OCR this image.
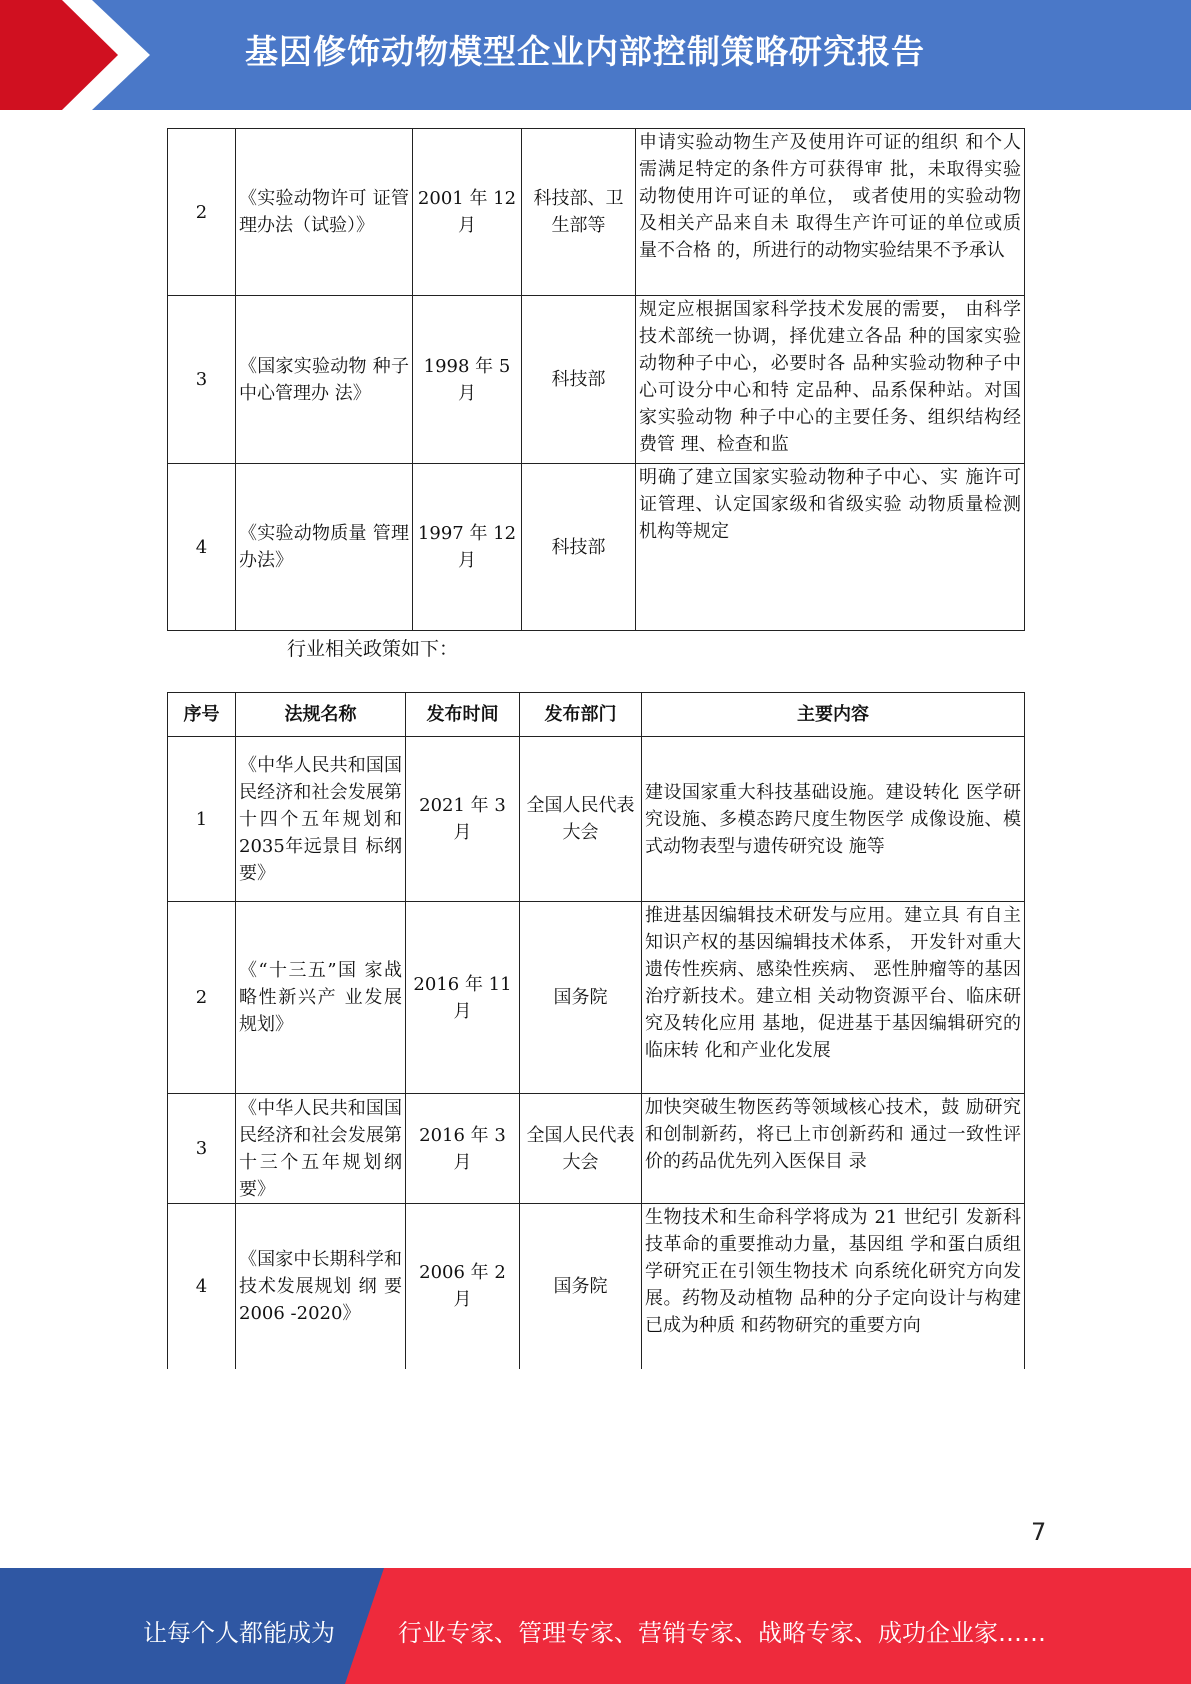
基因修饰动物模型企业内部控制策略研究报告
2	《实验动物许可 证管理办法（试验）》	2001 年 12 月	科技部、卫生部等	申请实验动物生产及使用许可证的组织 和个人需满足特定的条件方可获得审 批，未取得实验动物使用许可证的单位， 或者使用的实验动物及相关产品来自未 取得生产许可证的单位或质量不合格 的，所进行的动物实验结果不予承认
3	《国家实验动物 种子中心管理办 法》	1998 年 5 月	科技部	规定应根据国家科学技术发展的需要， 由科学技术部统一协调，择优建立各品 种的国家实验动物种子中心，必要时各 品种实验动物种子中心可设分中心和特 定品种、品系保种站。对国家实验动物 种子中心的主要任务、组织结构经费管 理、检查和监
4	《实验动物质量 管理办法》	1997 年 12 月	科技部	明确了建立国家实验动物种子中心、实 施许可证管理、认定国家级和省级实验 动物质量检测机构等规定
行业相关政策如下：
序号	法规名称	发布时间	发布部门	主要内容
1	《中华人民共和国国民经济和社会发展第十四个五年规划和 2035年远景目 标纲要》	2021 年 3 月	全国人民代表大会	建设国家重大科技基础设施。建设转化 医学研究设施、多模态跨尺度生物医学 成像设施、模式动物表型与遗传研究设 施等
2	《“十三五”国 家战略性新兴产 业发展规划》	2016 年 11 月	国务院	推进基因编辑技术研发与应用。建立具 有自主知识产权的基因编辑技术体系， 开发针对重大遗传性疾病、感染性疾病、 恶性肿瘤等的基因治疗新技术。建立相 关动物资源平台、临床研究及转化应用 基地，促进基于基因编辑研究的临床转 化和产业化发展
3	《中华人民共和国国民经济和社会发展第十三个五年规划纲要》	2016 年 3 月	全国人民代表大会	加快突破生物医药等领域核心技术，鼓 励研究和创制新药，将已上市创新药和 通过一致性评价的药品优先列入医保目 录
4	《国家中长期科学和技术发展规划 纲 要 2006 -2020》	2006 年 2 月	国务院	生物技术和生命科学将成为 21 世纪引 发新科技革命的重要推动力量，基因组 学和蛋白质组学研究正在引领生物技术 向系统化研究方向发展。药物及动植物 品种的分子定向设计与构建已成为种质 和药物研究的重要方向
7
让每个人都能成为	行业专家、管理专家、营销专家、战略专家、成功企业家……
